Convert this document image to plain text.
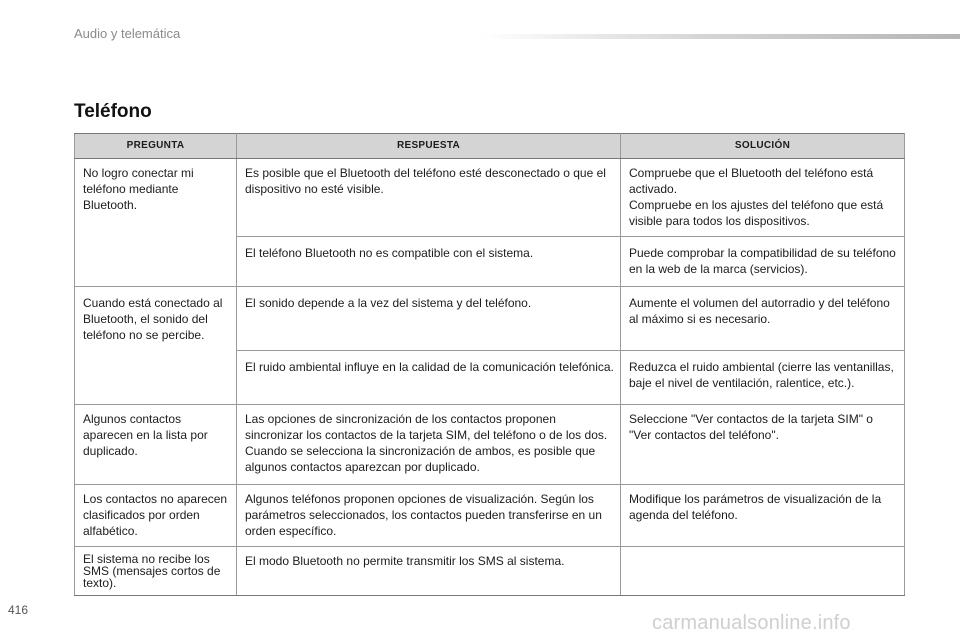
Audio y telemática
Teléfono
PREGUNTA	RESPUESTA	SOLUCIÓN

No logro conectar mi teléfono mediante Bluetooth.	Es posible que el Bluetooth del teléfono esté desconectado o que el dispositivo no esté visible.	Compruebe que el Bluetooth del teléfono está activado.
Compruebe en los ajustes del teléfono que está visible para todos los dispositivos.
	El teléfono Bluetooth no es compatible con el sistema.	Puede comprobar la compatibilidad de su teléfono en la web de la marca (servicios).

Cuando está conectado al Bluetooth, el sonido del teléfono no se percibe.	El sonido depende a la vez del sistema y del teléfono.	Aumente el volumen del autorradio y del teléfono al máximo si es necesario.
	El ruido ambiental influye en la calidad de la comunicación telefónica.	Reduzca el ruido ambiental (cierre las ventanillas, baje el nivel de ventilación, ralentice, etc.).

Algunos contactos aparecen en la lista por duplicado.	Las opciones de sincronización de los contactos proponen sincronizar los contactos de la tarjeta SIM, del teléfono o de los dos. Cuando se selecciona la sincronización de ambos, es posible que algunos contactos aparezcan por duplicado.	Seleccione "Ver contactos de la tarjeta SIM" o "Ver contactos del teléfono".

Los contactos no aparecen clasificados por orden alfabético.	Algunos teléfonos proponen opciones de visualización. Según los parámetros seleccionados, los contactos pueden transferirse en un orden específico.	Modifique los parámetros de visualización de la agenda del teléfono.

El sistema no recibe los SMS (mensajes cortos de texto).	El modo Bluetooth no permite transmitir los SMS al sistema.	
416
carmanualsonline.info
